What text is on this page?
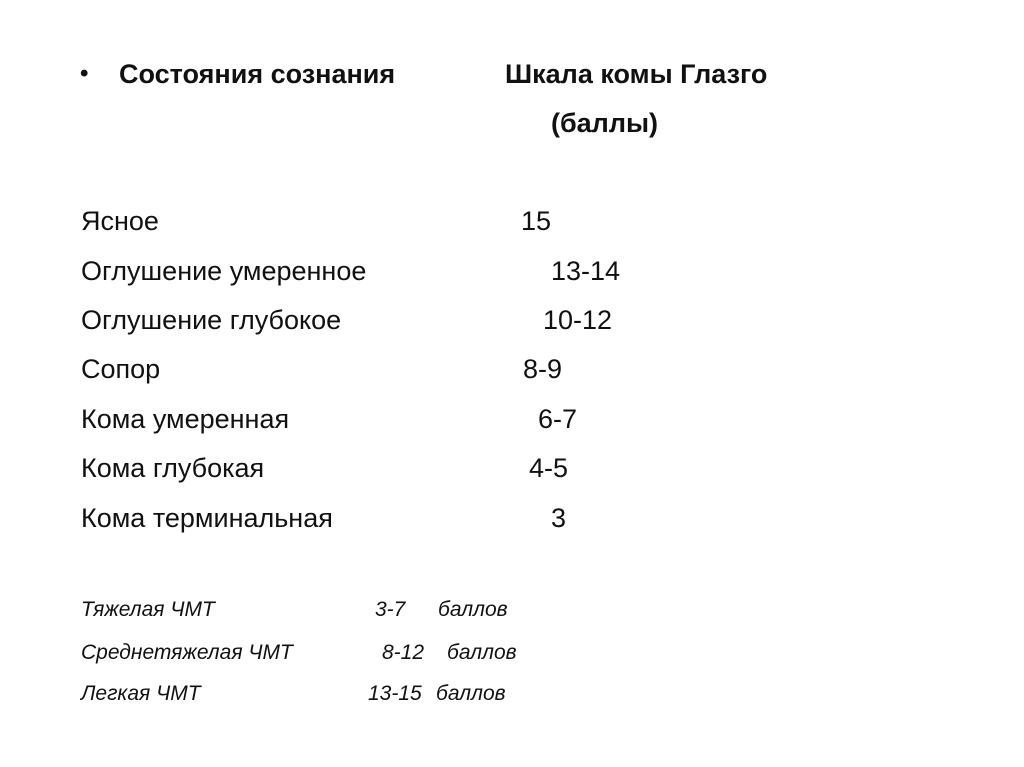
• Состояния сознания	Шкала комы Глазго
(баллы)
Ясное	15
Оглушение умеренное	13-14
Оглушение глубокое	10-12
Сопор	8-9
Кома умеренная	6-7
Кома глубокая	4-5
Кома терминальная	3
Тяжелая ЧМТ	3-7 баллов
Среднетяжелая ЧМТ	8-12 баллов
Легкая ЧМТ	13-15 баллов
